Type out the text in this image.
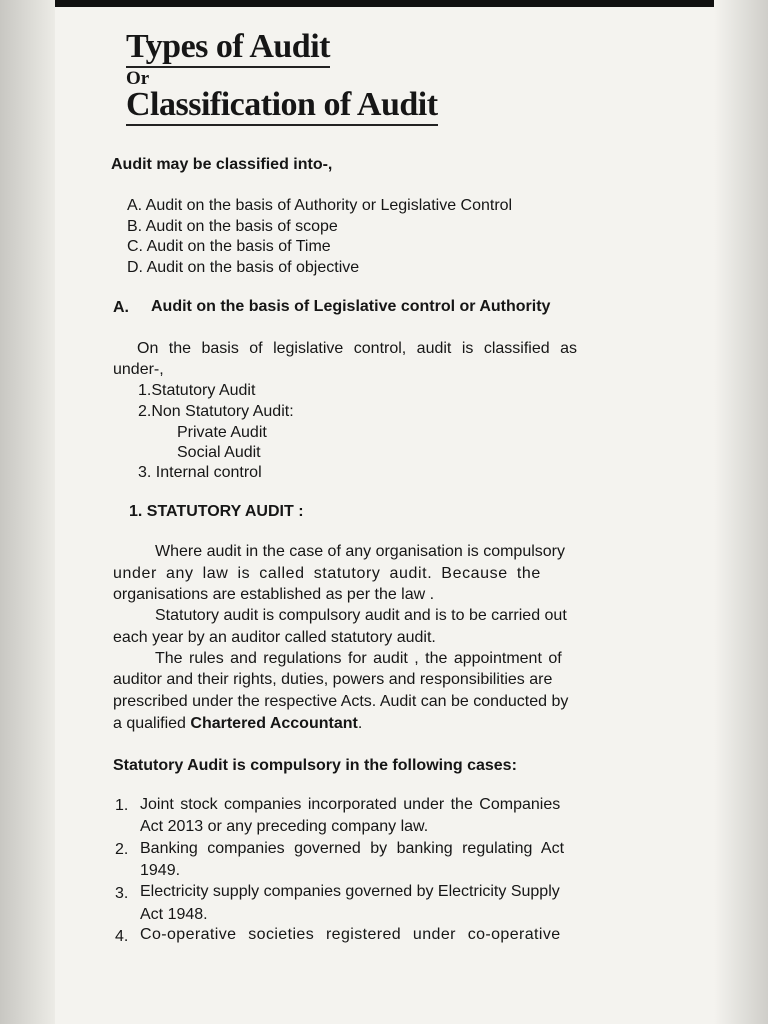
Types of Audit
Or
Classification of Audit
Audit may be classified into-,
A. Audit on the basis of Authority or Legislative Control
B. Audit on the basis of scope
C. Audit on the basis of Time
D. Audit on the basis of objective
A. Audit on the basis of Legislative control or Authority
On the basis of legislative control, audit is classified as
under-,
1.Statutory Audit
2.Non Statutory Audit:
Private Audit
Social Audit
3. Internal control
1. STATUTORY AUDIT :
Where audit in the case of any organisation is compulsory
under any law is called statutory audit. Because the
organisations are established as per the law .
Statutory audit is compulsory audit and is to be carried out
each year by an auditor called statutory audit.
The rules and regulations for audit , the appointment of
auditor and their rights, duties, powers and responsibilities are
prescribed under the respective Acts. Audit can be conducted by
a qualified Chartered Accountant.
Statutory Audit is compulsory in the following cases:
1. Joint stock companies incorporated under the Companies
Act 2013 or any preceding company law.
2. Banking companies governed by banking regulating Act
1949.
3. Electricity supply companies governed by Electricity Supply
Act 1948.
4. Co-operative societies registered under co-operative
